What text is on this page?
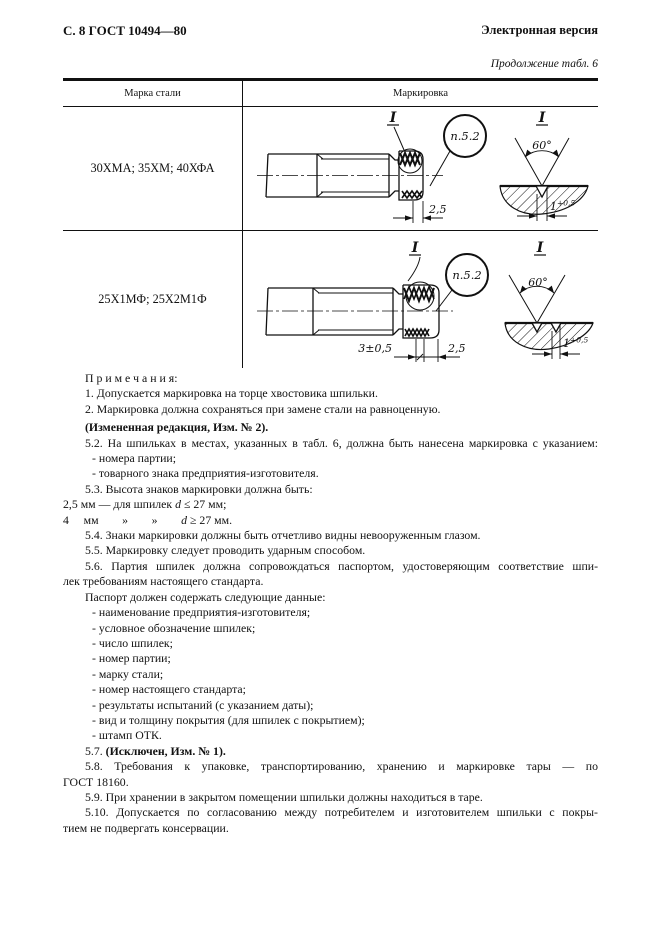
С. 8 ГОСТ 10494—80	Электронная версия
Продолжение табл. 6
Марка стали	Маркировка
30ХМА; 35ХМ; 40ХФА
I
п.5.2
2,5
I
60°
$1^{+0,5}$
25Х1МФ; 25Х2М1Ф
I
п.5.2
3±0,5	2,5
I
60°
$1^{+0,5}$
П р и м е ч а н и я:
1. Допускается маркировка на торце хвостовика шпильки.
2. Маркировка должна сохраняться при замене стали на равноценную.
(Измененная редакция, Изм. № 2).
5.2. На шпильках в местах, указанных в табл. 6, должна быть нанесена маркировка с указанием:
- номера партии;
- товарного знака предприятия-изготовителя.
5.3. Высота знаков маркировки должна быть:
2,5 мм — для шпилек d ≤ 27 мм;
4     мм        »        »        d ≥ 27 мм.
5.4. Знаки маркировки должны быть отчетливо видны невооруженным глазом.
5.5. Маркировку следует проводить ударным способом.
5.6. Партия шпилек должна сопровождаться паспортом, удостоверяющим соответствие шпи-
лек требованиям настоящего стандарта.
Паспорт должен содержать следующие данные:
- наименование предприятия-изготовителя;
- условное обозначение шпилек;
- число шпилек;
- номер партии;
- марку стали;
- номер настоящего стандарта;
- результаты испытаний (с указанием даты);
- вид и толщину покрытия (для шпилек с покрытием);
- штамп ОТК.
5.7. (Исключен, Изм. № 1).
5.8. Требования к упаковке, транспортированию, хранению и маркировке тары — по
ГОСТ 18160.
5.9. При хранении в закрытом помещении шпильки должны находиться в таре.
5.10. Допускается по согласованию между потребителем и изготовителем шпильки с покры-
тием не подвергать консервации.
